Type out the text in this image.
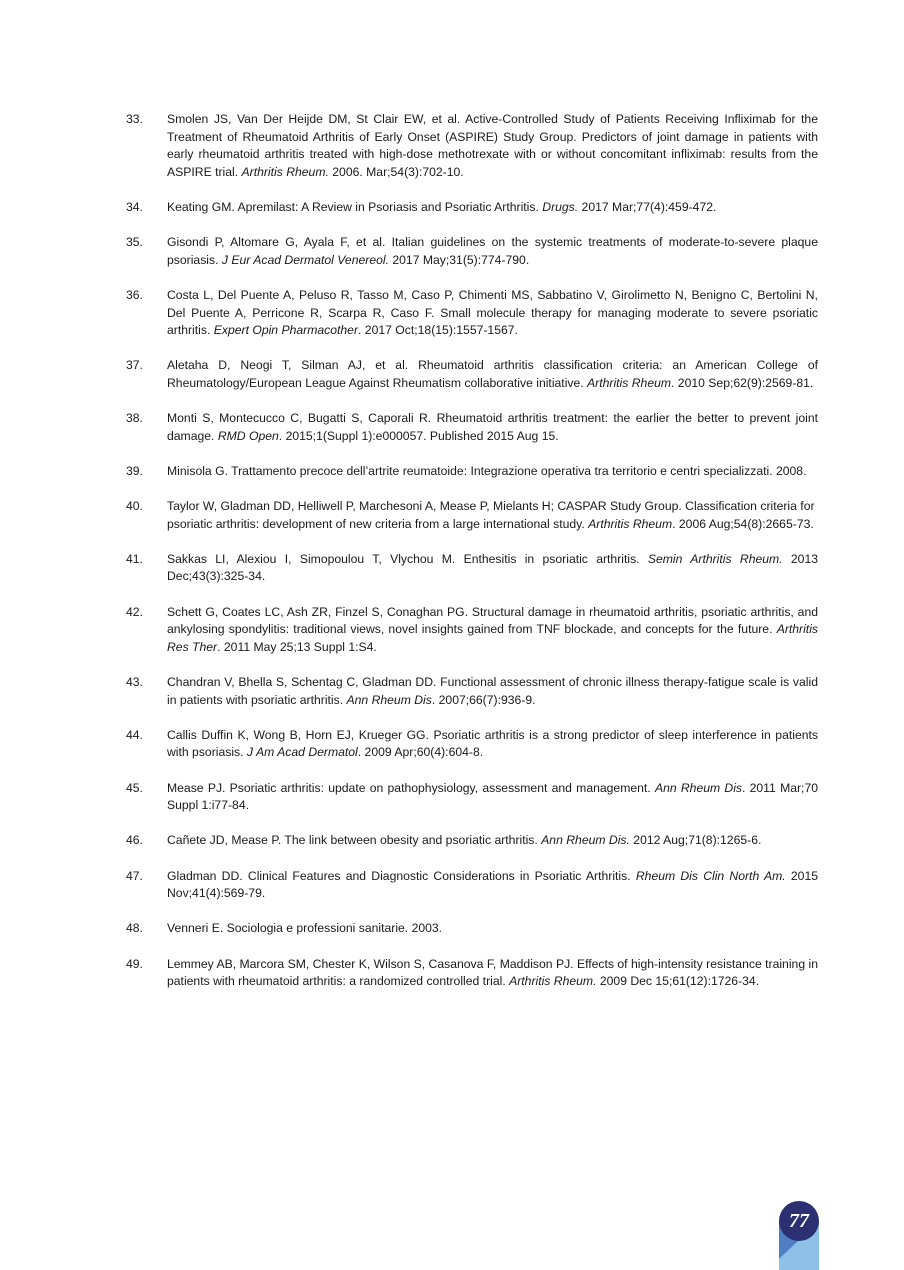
33.	Smolen JS, Van Der Heijde DM, St Clair EW, et al. Active-Controlled Study of Patients Receiving Infliximab for the Treatment of Rheumatoid Arthritis of Early Onset (ASPIRE) Study Group. Predictors of joint damage in patients with early rheumatoid arthritis treated with high-dose methotrexate with or without concomitant infliximab: results from the ASPIRE trial. Arthritis Rheum. 2006. Mar;54(3):702-10.
34.	Keating GM. Apremilast: A Review in Psoriasis and Psoriatic Arthritis. Drugs. 2017 Mar;77(4):459-472.
35.	Gisondi P, Altomare G, Ayala F, et al. Italian guidelines on the systemic treatments of moderate-to-severe plaque psoriasis. J Eur Acad Dermatol Venereol. 2017 May;31(5):774-790.
36.	Costa L, Del Puente A, Peluso R, Tasso M, Caso P, Chimenti MS, Sabbatino V, Girolimetto N, Benigno C, Bertolini N, Del Puente A, Perricone R, Scarpa R, Caso F. Small molecule therapy for managing moderate to severe psoriatic arthritis. Expert Opin Pharmacother. 2017 Oct;18(15):1557-1567.
37.	Aletaha D, Neogi T, Silman AJ, et al. Rheumatoid arthritis classification criteria: an American College of Rheumatology/European League Against Rheumatism collaborative initiative. Arthritis Rheum. 2010 Sep;62(9):2569-81.
38.	Monti S, Montecucco C, Bugatti S, Caporali R. Rheumatoid arthritis treatment: the earlier the better to prevent joint damage. RMD Open. 2015;1(Suppl 1):e000057. Published 2015 Aug 15.
39.	Minisola G. Trattamento precoce dell’artrite reumatoide: Integrazione operativa tra territorio e centri specializzati. 2008.
40.	Taylor W, Gladman DD, Helliwell P, Marchesoni A, Mease P, Mielants H; CASPAR Study Group. Classification criteria for psoriatic arthritis: development of new criteria from a large international study. Arthritis Rheum. 2006 Aug;54(8):2665-73.
41.	Sakkas LI, Alexiou I, Simopoulou T, Vlychou M. Enthesitis in psoriatic arthritis. Semin Arthritis Rheum. 2013 Dec;43(3):325-34.
42.	Schett G, Coates LC, Ash ZR, Finzel S, Conaghan PG. Structural damage in rheumatoid arthritis, psoriatic arthritis, and ankylosing spondylitis: traditional views, novel insights gained from TNF blockade, and concepts for the future. Arthritis Res Ther. 2011 May 25;13 Suppl 1:S4.
43.	Chandran V, Bhella S, Schentag C, Gladman DD. Functional assessment of chronic illness therapy-fatigue scale is valid in patients with psoriatic arthritis. Ann Rheum Dis. 2007;66(7):936-9.
44.	Callis Duffin K, Wong B, Horn EJ, Krueger GG. Psoriatic arthritis is a strong predictor of sleep interference in patients with psoriasis. J Am Acad Dermatol. 2009 Apr;60(4):604-8.
45.	Mease PJ. Psoriatic arthritis: update on pathophysiology, assessment and management. Ann Rheum Dis. 2011 Mar;70 Suppl 1:i77-84.
46.	Cañete JD, Mease P. The link between obesity and psoriatic arthritis. Ann Rheum Dis. 2012 Aug;71(8):1265-6.
47.	Gladman DD. Clinical Features and Diagnostic Considerations in Psoriatic Arthritis. Rheum Dis Clin North Am. 2015 Nov;41(4):569-79.
48.	Venneri E. Sociologia e professioni sanitarie. 2003.
49.	Lemmey AB, Marcora SM, Chester K, Wilson S, Casanova F, Maddison PJ. Effects of high-intensity resistance training in patients with rheumatoid arthritis: a randomized controlled trial. Arthritis Rheum. 2009 Dec 15;61(12):1726-34.
77
